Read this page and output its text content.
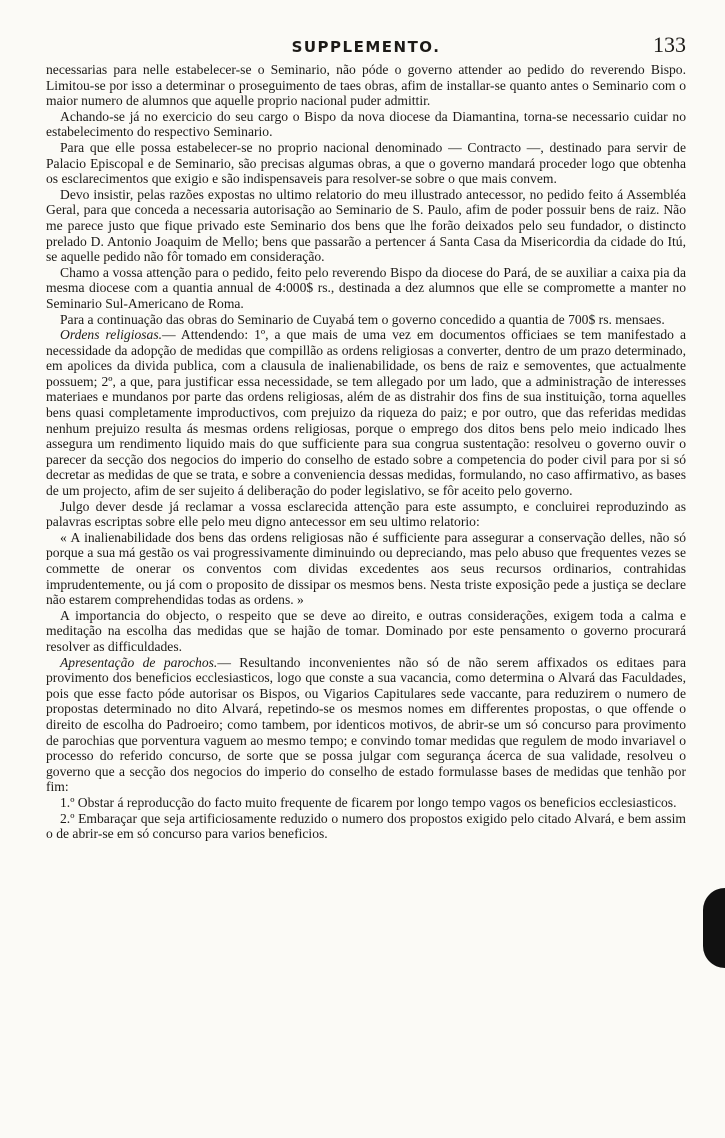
SUPPLEMENTO.	133

necessarias para nelle estabelecer-se o Seminario, não póde o governo attender ao pedido do reverendo Bispo. Limitou-se por isso a determinar o proseguimento de taes obras, afim de installar-se quanto antes o Seminario com o maior numero de alumnos que aquelle proprio nacional puder admittir.

Achando-se já no exercicio do seu cargo o Bispo da nova diocese da Diamantina, torna-se necessario cuidar no estabelecimento do respectivo Seminario.

Para que elle possa estabelecer-se no proprio nacional denominado — Contracto —, destinado para servir de Palacio Episcopal e de Seminario, são precisas algumas obras, a que o governo mandará proceder logo que obtenha os esclarecimentos que exigio e são indispensaveis para resolver-se sobre o que mais convem.

Devo insistir, pelas razões expostas no ultimo relatorio do meu illustrado antecessor, no pedido feito á Assembléa Geral, para que conceda a necessaria autorisação ao Seminario de S. Paulo, afim de poder possuir bens de raiz. Não me parece justo que fique privado este Seminario dos bens que lhe forão deixados pelo seu fundador, o distincto prelado D. Antonio Joaquim de Mello; bens que passarão a pertencer á Santa Casa da Misericordia da cidade do Itú, se aquelle pedido não fôr tomado em consideração.

Chamo a vossa attenção para o pedido, feito pelo reverendo Bispo da diocese do Pará, de se auxiliar a caixa pia da mesma diocese com a quantia annual de 4:000$ rs., destinada a dez alumnos que elle se compromette a manter no Seminario Sul-Americano de Roma.

Para a continuação das obras do Seminario de Cuyabá tem o governo concedido a quantia de 700$ rs. mensaes.

Ordens religiosas.— Attendendo: 1º, a que mais de uma vez em documentos officiaes se tem manifestado a necessidade da adopção de medidas que compillão as ordens religiosas a converter, dentro de um prazo determinado, em apolices da divida publica, com a clausula de inalienabilidade, os bens de raiz e semoventes, que actualmente possuem; 2º, a que, para justificar essa necessidade, se tem allegado por um lado, que a administração de interesses materiaes e mundanos por parte das ordens religiosas, além de as distrahir dos fins de sua instituição, torna aquelles bens quasi completamente improductivos, com prejuizo da riqueza do paiz; e por outro, que das referidas medidas nenhum prejuizo resulta ás mesmas ordens religiosas, porque o emprego dos ditos bens pelo meio indicado lhes assegura um rendimento liquido mais do que sufficiente para sua congrua sustentação: resolveu o governo ouvir o parecer da secção dos negocios do imperio do conselho de estado sobre a competencia do poder civil para por si só decretar as medidas de que se trata, e sobre a conveniencia dessas medidas, formulando, no caso affirmativo, as bases de um projecto, afim de ser sujeito á deliberação do poder legislativo, se fôr aceito pelo governo.

Julgo dever desde já reclamar a vossa esclarecida attenção para este assumpto, e concluirei reproduzindo as palavras escriptas sobre elle pelo meu digno antecessor em seu ultimo relatorio:

« A inalienabilidade dos bens das ordens religiosas não é sufficiente para assegurar a conservação delles, não só porque a sua má gestão os vai progressivamente diminuindo ou depreciando, mas pelo abuso que frequentes vezes se commette de onerar os conventos com dividas excedentes aos seus recursos ordinarios, contrahidas imprudentemente, ou já com o proposito de dissipar os mesmos bens. Nesta triste exposição pede a justiça se declare não estarem comprehendidas todas as ordens. »

A importancia do objecto, o respeito que se deve ao direito, e outras considerações, exigem toda a calma e meditação na escolha das medidas que se hajão de tomar. Dominado por este pensamento o governo procurará resolver as difficuldades.

Apresentação de parochos.— Resultando inconvenientes não só de não serem affixados os editaes para provimento dos beneficios ecclesiasticos, logo que conste a sua vacancia, como determina o Alvará das Faculdades, pois que esse facto póde autorisar os Bispos, ou Vigarios Capitulares sede vaccante, para reduzirem o numero de propostas determinado no dito Alvará, repetindo-se os mesmos nomes em differentes propostas, o que offende o direito de escolha do Padroeiro; como tambem, por identicos motivos, de abrir-se um só concurso para provimento de parochias que porventura vaguem ao mesmo tempo; e convindo tomar medidas que regulem de modo invariavel o processo do referido concurso, de sorte que se possa julgar com segurança ácerca de sua validade, resolveu o governo que a secção dos negocios do imperio do conselho de estado formulasse bases de medidas que tenhão por fim:

1.º Obstar á reproducção do facto muito frequente de ficarem por longo tempo vagos os beneficios ecclesiasticos.

2.º Embaraçar que seja artificiosamente reduzido o numero dos propostos exigido pelo citado Alvará, e bem assim o de abrir-se em só concurso para varios beneficios.
